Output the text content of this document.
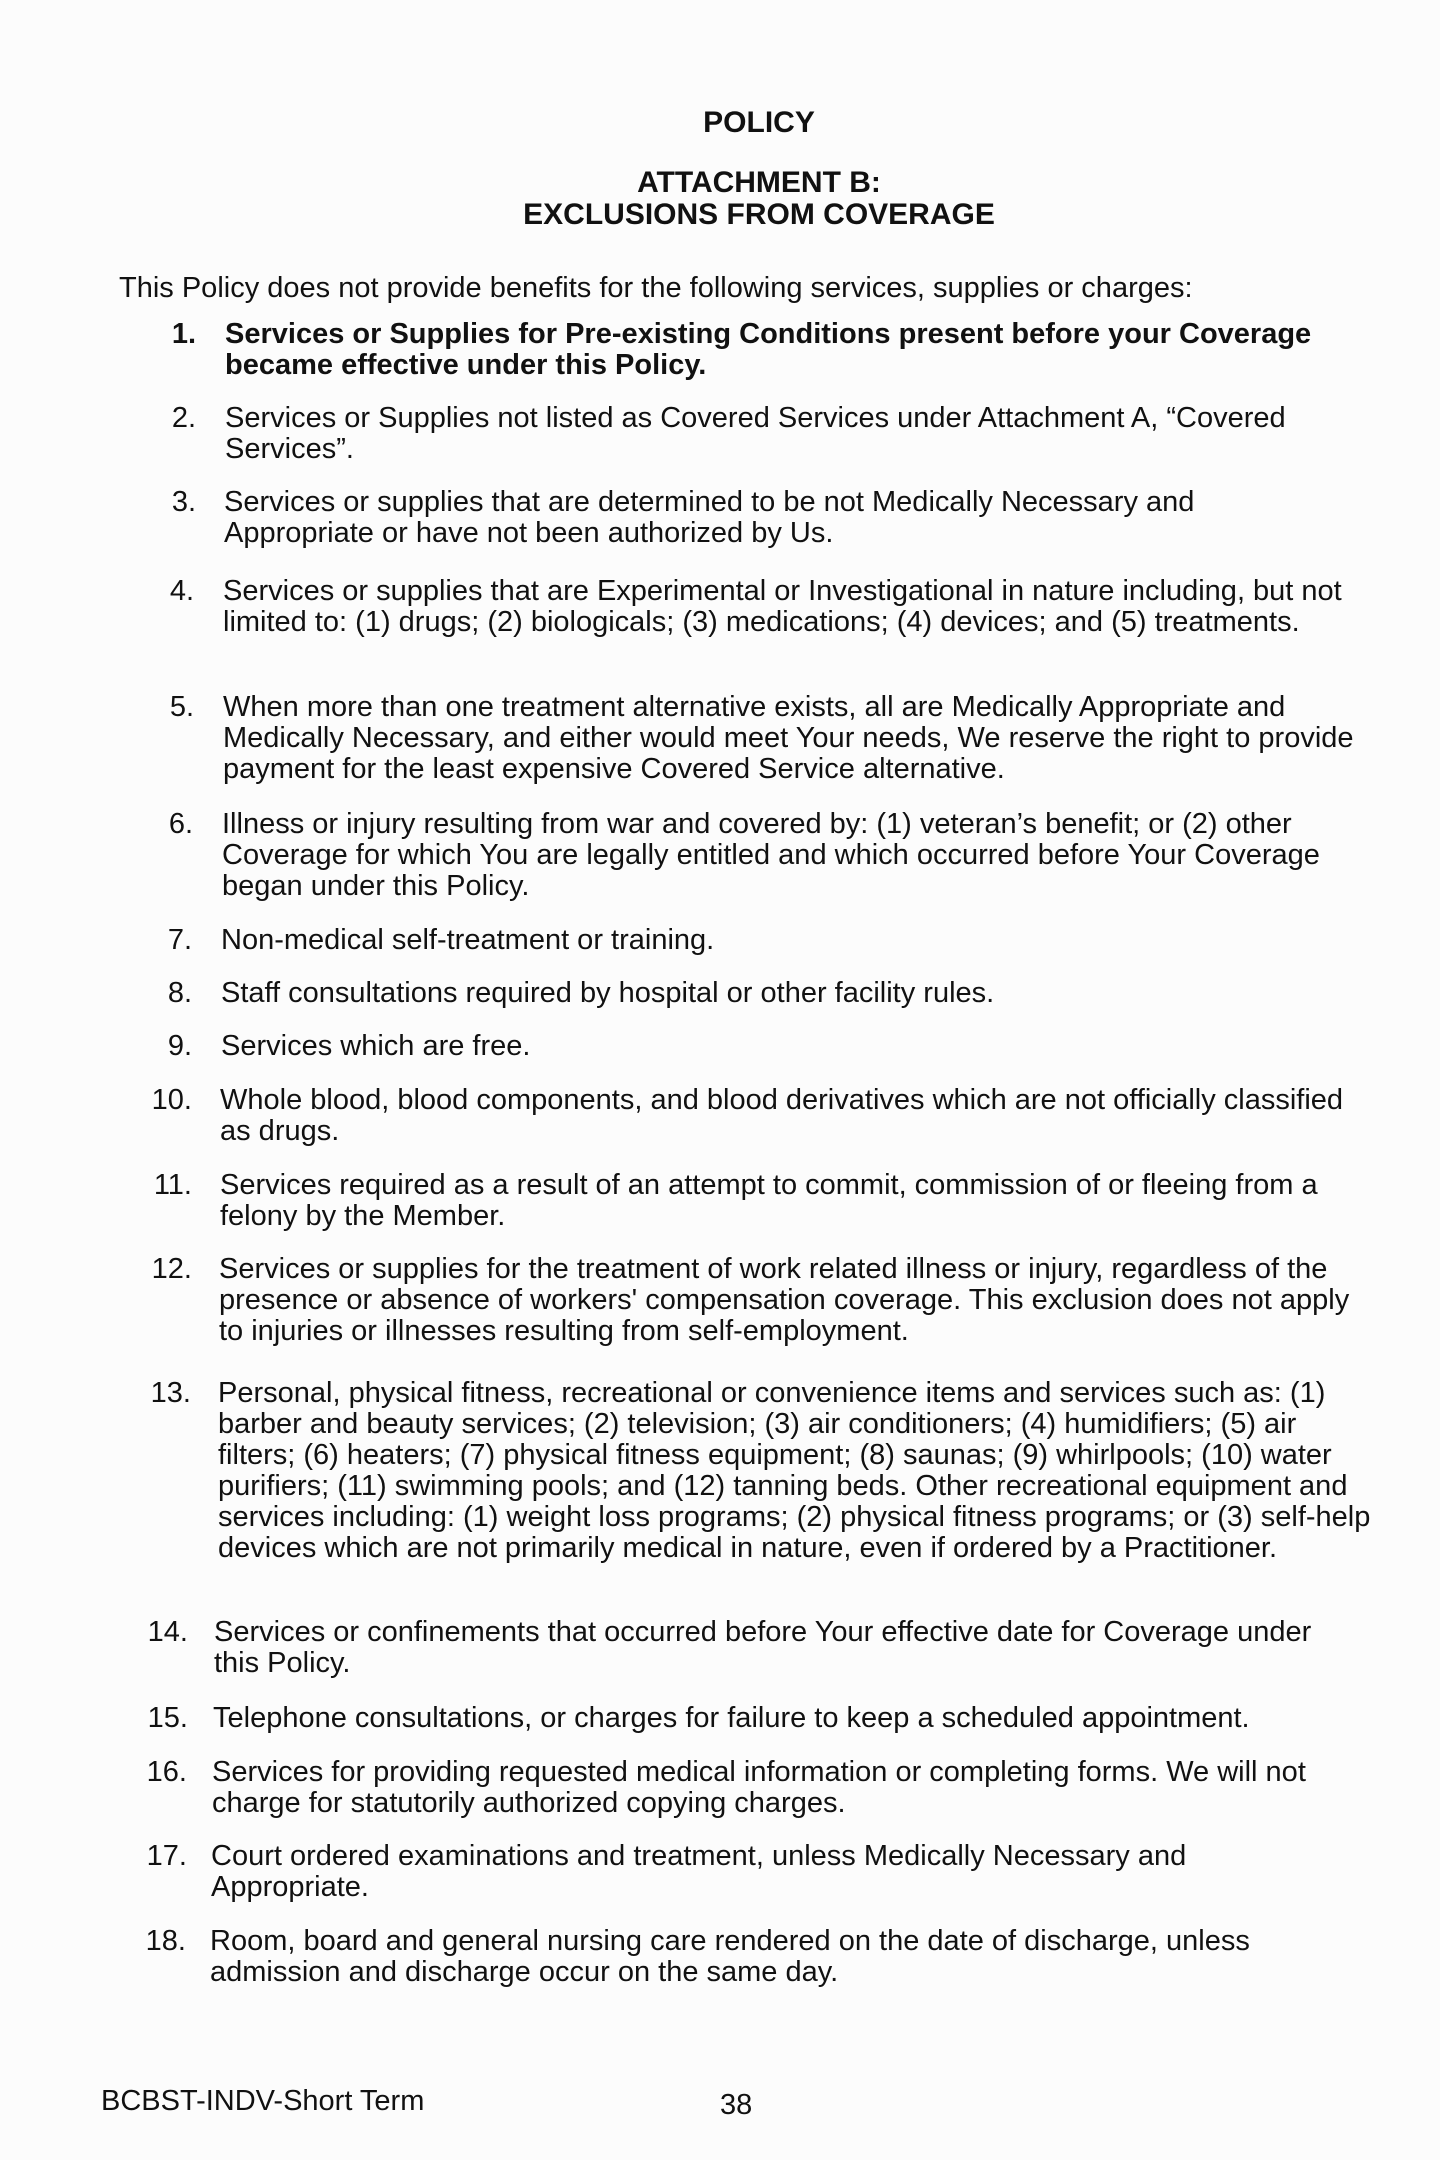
POLICY
ATTACHMENT B:
EXCLUSIONS FROM COVERAGE
This Policy does not provide benefits for the following services, supplies or charges:
1. Services or Supplies for Pre-existing Conditions present before your Coverage became effective under this Policy.
2. Services or Supplies not listed as Covered Services under Attachment A, “Covered Services”.
3. Services or supplies that are determined to be not Medically Necessary and Appropriate or have not been authorized by Us.
4. Services or supplies that are Experimental or Investigational in nature including, but not limited to: (1) drugs; (2) biologicals; (3) medications; (4) devices; and (5) treatments.
5. When more than one treatment alternative exists, all are Medically Appropriate and Medically Necessary, and either would meet Your needs, We reserve the right to provide payment for the least expensive Covered Service alternative.
6. Illness or injury resulting from war and covered by: (1) veteran’s benefit; or (2) other Coverage for which You are legally entitled and which occurred before Your Coverage began under this Policy.
7. Non-medical self-treatment or training.
8. Staff consultations required by hospital or other facility rules.
9. Services which are free.
10. Whole blood, blood components, and blood derivatives which are not officially classified as drugs.
11. Services required as a result of an attempt to commit, commission of or fleeing from a felony by the Member.
12. Services or supplies for the treatment of work related illness or injury, regardless of the presence or absence of workers' compensation coverage. This exclusion does not apply to injuries or illnesses resulting from self-employment.
13. Personal, physical fitness, recreational or convenience items and services such as: (1) barber and beauty services; (2) television; (3) air conditioners; (4) humidifiers; (5) air filters; (6) heaters; (7) physical fitness equipment; (8) saunas; (9) whirlpools; (10) water purifiers; (11) swimming pools; and (12) tanning beds. Other recreational equipment and services including: (1) weight loss programs; (2) physical fitness programs; or (3) self-help devices which are not primarily medical in nature, even if ordered by a Practitioner.
14. Services or confinements that occurred before Your effective date for Coverage under this Policy.
15. Telephone consultations, or charges for failure to keep a scheduled appointment.
16. Services for providing requested medical information or completing forms. We will not charge for statutorily authorized copying charges.
17. Court ordered examinations and treatment, unless Medically Necessary and Appropriate.
18. Room, board and general nursing care rendered on the date of discharge, unless admission and discharge occur on the same day.
BCBST-INDV-Short Term	38
